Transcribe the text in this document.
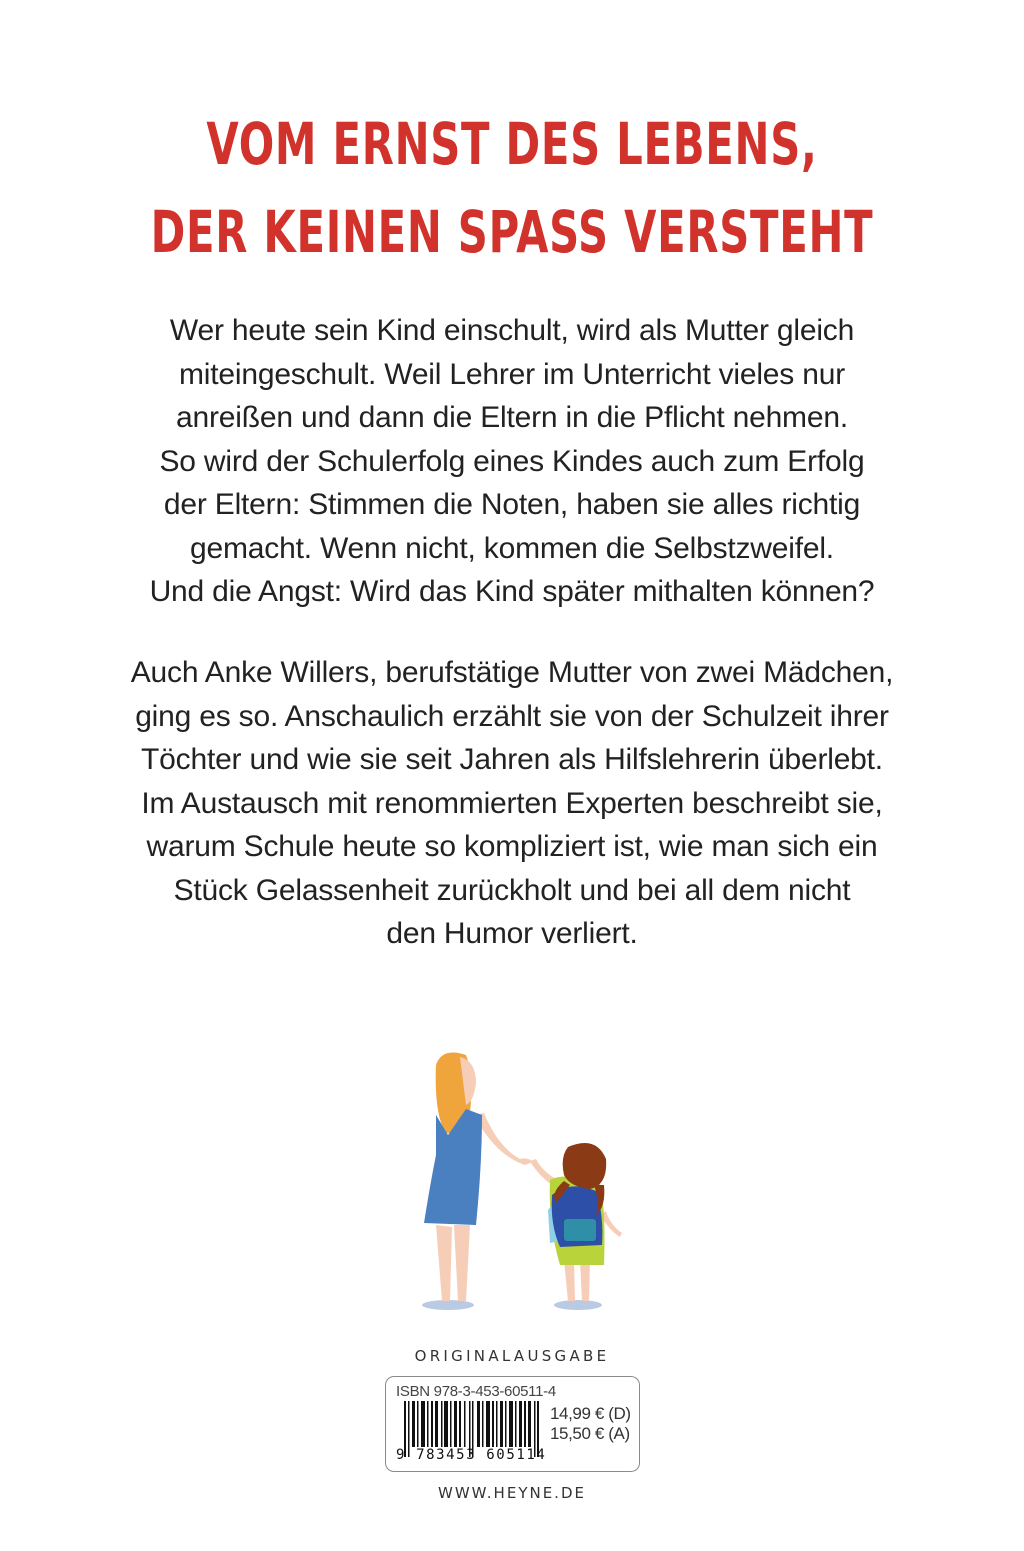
VOM ERNST DES LEBENS,
DER KEINEN SPASS VERSTEHT
Wer heute sein Kind einschult, wird als Mutter gleich
miteingeschult. Weil Lehrer im Unterricht vieles nur
anreißen und dann die Eltern in die Pflicht nehmen.
So wird der Schulerfolg eines Kindes auch zum Erfolg
der Eltern: Stimmen die Noten, haben sie alles richtig
gemacht. Wenn nicht, kommen die Selbstzweifel.
Und die Angst: Wird das Kind später mithalten können?
Auch Anke Willers, berufstätige Mutter von zwei Mädchen,
ging es so. Anschaulich erzählt sie von der Schulzeit ihrer
Töchter und wie sie seit Jahren als Hilfslehrerin überlebt.
Im Austausch mit renommierten Experten beschreibt sie,
warum Schule heute so kompliziert ist, wie man sich ein
Stück Gelassenheit zurückholt und bei all dem nicht
den Humor verliert.
ORIGINALAUSGABE
ISBN 978-3-453-60511-4
9 783453 605114
14,99 € (D)
15,50 € (A)
WWW.HEYNE.DE
